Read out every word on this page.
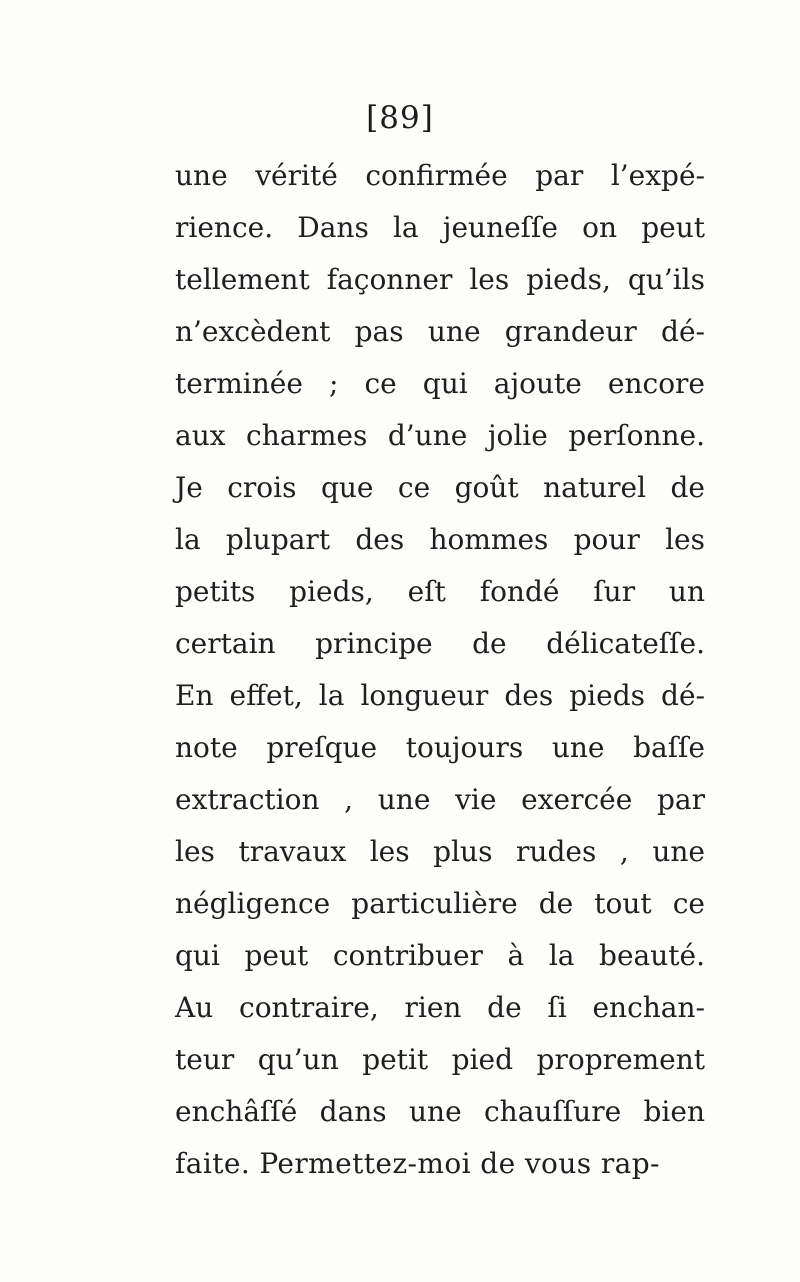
[89]
une vérité confirmée par l’expé-
rience. Dans la jeuneſſe on peut
tellement façonner les pieds, qu’ils
n’excèdent pas une grandeur dé-
terminée ; ce qui ajoute encore
aux charmes d’une jolie perſonne.
Je crois que ce goût naturel de
la plupart des hommes pour les
petits pieds, eſt fondé ſur un
certain principe de délicateſſe.
En effet, la longueur des pieds dé-
note preſque toujours une baſſe
extraction , une vie exercée par
les travaux les plus rudes , une
négligence particulière de tout ce
qui peut contribuer à la beauté.
Au contraire, rien de ſi enchan-
teur qu’un petit pied proprement
enchâſſé dans une chauſſure bien
faite. Permettez-moi de vous rap-
